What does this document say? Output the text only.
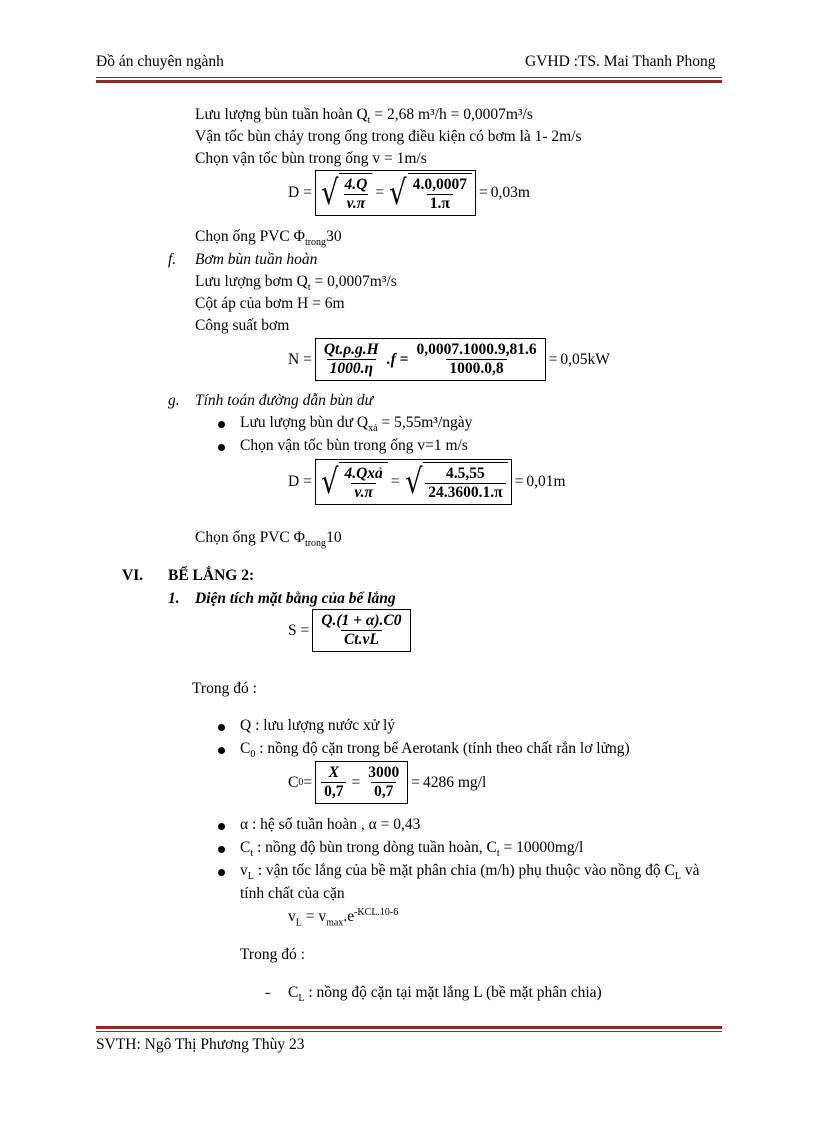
Đồ án chuyên ngành	GVHD :TS. Mai Thanh Phong
Lưu lượng bùn tuần hoàn $Q_t = 2,68$ m³/h = 0,0007m³/s
Vận tốc bùn chảy trong ống trong điều kiện có bơm là 1- 2m/s
Chọn vận tốc bùn trong ống v = 1m/s
D = √ $\frac{4.Q}{v.\pi}$ = √ $\frac{4.0,0007}{1.\pi} = 0,03m$
Chọn ống PVC $\Phi_{trong}30$
f. Bơm bùn tuần hoàn
Lưu lượng bơm $Q_t = 0,0007m^3/s$
Cột áp của bơm H = 6m
Công suất bơm
$N = \frac{Qt.\rho.g.H}{1000.\eta} .f = \frac{0,0007.1000.9,81.6}{1000.0,8} = 0,05kW$
g. Tính toán đường dẫn bùn dư
Lưu lượng bùn dư $Q_{xả}$ = 5,55m³/ngày
Chọn vận tốc bùn trong ống v=1 m/s
D = √ $\frac{\text{4.Qxả}}{v.\pi}$ = √ $\frac{4.5,55}{24.3600.1.\pi} = 0,01m$
Chọn ống PVC $\Phi_{trong}10$
VI. BỂ LẮNG 2:
1. Diện tích mặt bằng của bể lắng
$S = \frac{Q.(1 + \alpha).C0}{Ct.vL}$
Trong đó :
Q : lưu lượng nước xử lý
$C_0$ : nồng độ cặn trong bể Aerotank (tính theo chất rắn lơ lửng)
C $0 = \frac{X}{0,7} = \frac{3000}{0,7} = 4286$ mg/l
α : hệ số tuần hoàn , α = 0,43
$C_t$ : nồng độ bùn trong dòng tuần hoàn, $C_t = 10000mg/l$
$v_L$ : vận tốc lắng của bề mặt phân chia (m/h) phụ thuộc vào nồng độ $C_L$ và
tính chất của cặn
$v_L = v_{max}.e^{-KCL.10-6}$
Trong đó :
- $C_L$ : nồng độ cặn tại mặt lắng L (bề mặt phân chia)
SVTH: Ngô Thị Phương Thùy 23
